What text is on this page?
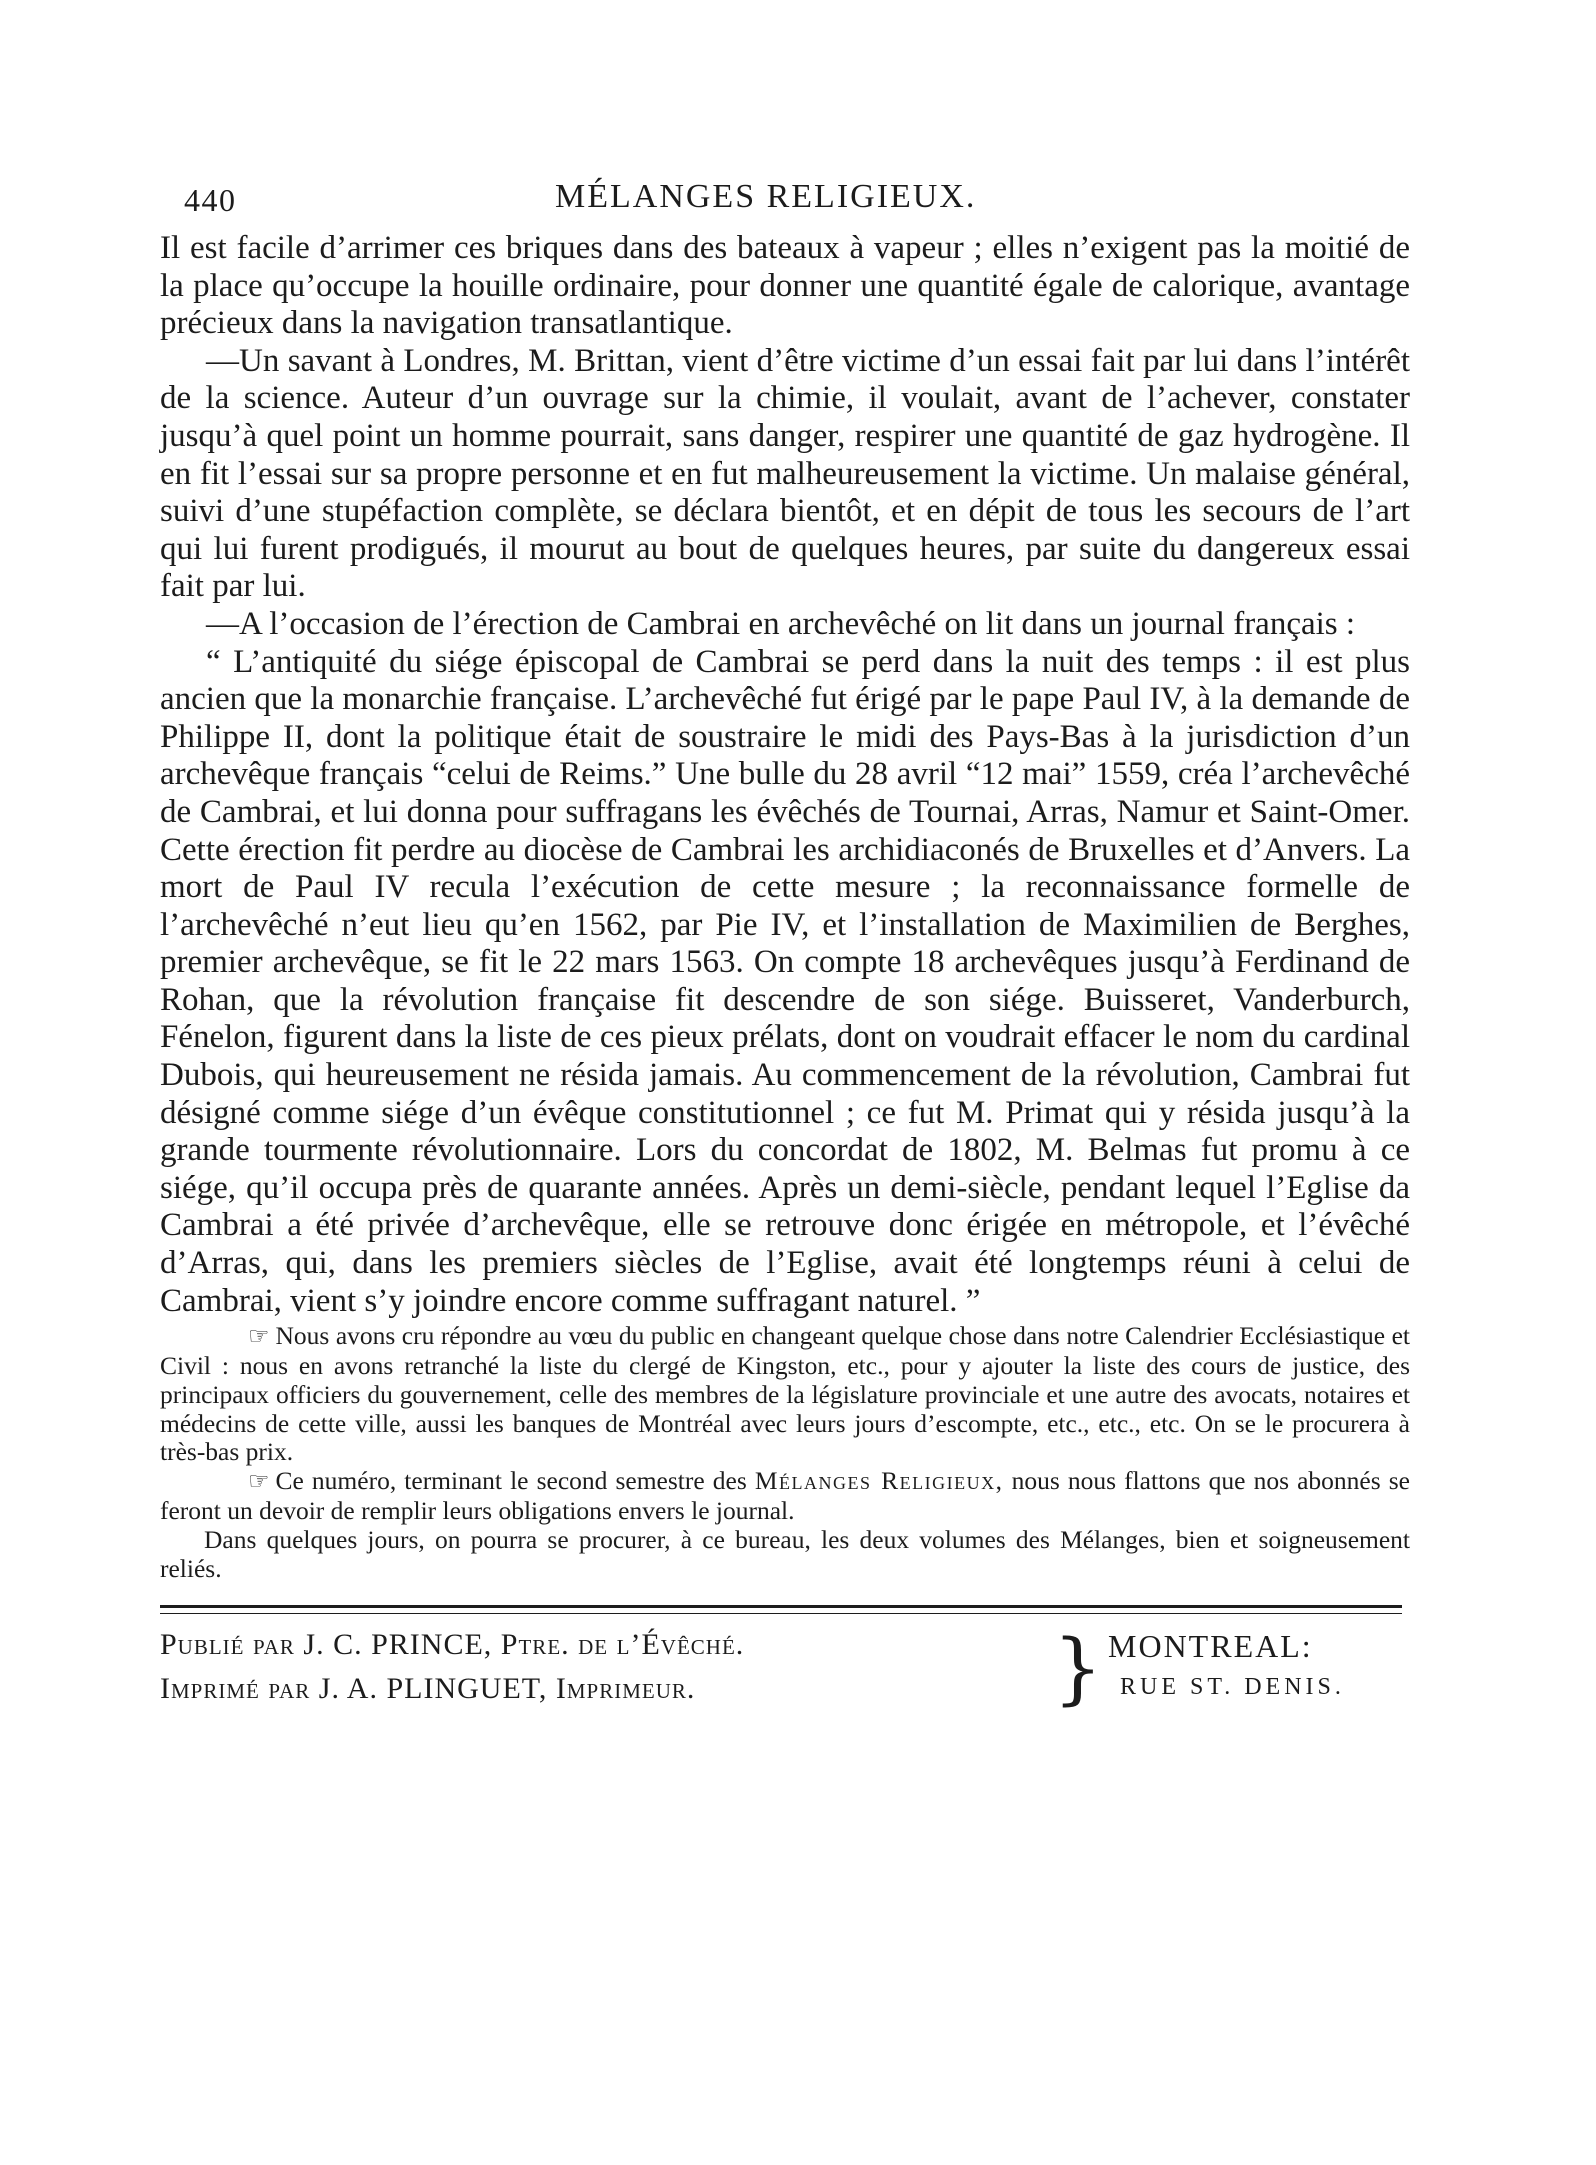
440	MÉLANGES RELIGIEUX.

Il est facile d’arrimer ces briques dans des bateaux à vapeur ; elles n’exigent pas la moitié de la place qu’occupe la houille ordinaire, pour donner une quantité égale de calorique, avantage précieux dans la navigation transatlantique.

—Un savant à Londres, M. Brittan, vient d’être victime d’un essai fait par lui dans l’intérêt de la science. Auteur d’un ouvrage sur la chimie, il voulait, avant de l’achever, constater jusqu’à quel point un homme pourrait, sans danger, respirer une quantité de gaz hydrogène. Il en fit l’essai sur sa propre personne et en fut malheureusement la victime. Un malaise général, suivi d’une stupéfaction complète, se déclara bientôt, et en dépit de tous les secours de l’art qui lui furent prodigués, il mourut au bout de quelques heures, par suite du dangereux essai fait par lui.

—A l’occasion de l’érection de Cambrai en archevêché on lit dans un journal français :

“ L’antiquité du siége épiscopal de Cambrai se perd dans la nuit des temps : il est plus ancien que la monarchie française. L’archevêché fut érigé par le pape Paul IV, à la demande de Philippe II, dont la politique était de soustraire le midi des Pays-Bas à la jurisdiction d’un archevêque français “celui de Reims.” Une bulle du 28 avril “12 mai” 1559, créa l’archevêché de Cambrai, et lui donna pour suffragans les évêchés de Tournai, Arras, Namur et Saint-Omer. Cette érection fit perdre au diocèse de Cambrai les archidiaconés de Bruxelles et d’Anvers. La mort de Paul IV recula l’exécution de cette mesure ; la reconnaissance formelle de l’archevêché n’eut lieu qu’en 1562, par Pie IV, et l’installation de Maximilien de Berghes, premier archevêque, se fit le 22 mars 1563. On compte 18 archevêques jusqu’à Ferdinand de Rohan, que la révolution française fit descendre de son siége. Buisseret, Vanderburch, Fénelon, figurent dans la liste de ces pieux prélats, dont on voudrait effacer le nom du cardinal Dubois, qui heureusement ne résida jamais. Au commencement de la révolution, Cambrai fut désigné comme siége d’un évêque constitutionnel ; ce fut M. Primat qui y résida jusqu’à la grande tourmente révolutionnaire. Lors du concordat de 1802, M. Belmas fut promu à ce siége, qu’il occupa près de quarante années. Après un demi-siècle, pendant lequel l’Eglise da Cambrai a été privée d’archevêque, elle se retrouve donc érigée en métropole, et l’évêché d’Arras, qui, dans les premiers siècles de l’Eglise, avait été longtemps réuni à celui de Cambrai, vient s’y joindre encore comme suffragant naturel. ”

☞ Nous avons cru répondre au vœu du public en changeant quelque chose dans notre Calendrier Ecclésiastique et Civil : nous en avons retranché la liste du clergé de Kingston, etc., pour y ajouter la liste des cours de justice, des principaux officiers du gouvernement, celle des membres de la législature provinciale et une autre des avocats, notaires et médecins de cette ville, aussi les banques de Montréal avec leurs jours d’escompte, etc., etc., etc. On se le procurera à très-bas prix.

☞ Ce numéro, terminant le second semestre des Mélanges Religieux, nous nous flattons que nos abonnés se feront un devoir de remplir leurs obligations envers le journal.

Dans quelques jours, on pourra se procurer, à ce bureau, les deux volumes des Mélanges, bien et soigneusement reliés.

Publié par J. C. PRINCE, Ptre. de l’Évêché.
Imprimé par J. A. PLINGUET, Imprimeur.	} MONTREAL:
RUE ST. DENIS.
